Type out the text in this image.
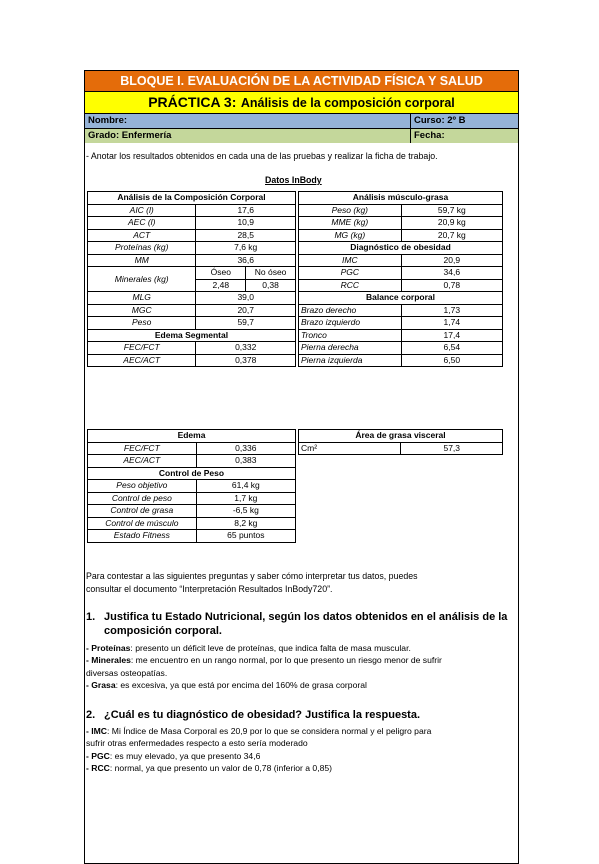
BLOQUE I. EVALUACIÓN DE LA ACTIVIDAD FÍSICA Y SALUD
PRÁCTICA 3: Análisis de la composición corporal
Nombre:	Curso: 2º B
Grado: Enfermería	Fecha:
- Anotar los resultados obtenidos en cada una de las pruebas y realizar la ficha de trabajo.
Datos InBody
Análisis de la Composición Corporal		
AIC (l)	17,6	
AEC (l)	10,9	
ACT	28,5	
Proteínas (kg)	7,6 kg	
MM	36,6	
Minerales (kg)	Óseo	No óseo
	2,48	0,38
MLG	39,0	
MGC	20,7	
Peso	59,7	
Edema Segmental		
FEC/FCT	0,332	
AEC/ACT	0,378	
Análisis músculo-grasa	
Peso (kg)	59,7 kg
MME (kg)	20,9 kg
MG (kg)	20,7 kg
Diagnóstico de obesidad	
IMC	20,9
PGC	34,6
RCC	0,78
Balance corporal	
Brazo derecho	1,73
Brazo izquierdo	1,74
Tronco	17,4
Pierna derecha	6,54
Pierna izquierda	6,50
Edema	
FEC/FCT	0,336
AEC/ACT	0,383
Control de Peso	
Peso objetivo	61,4 kg
Control de peso	1,7 kg
Control de grasa	-6,5 kg
Control de músculo	8,2 kg
Estado Fitness	65 puntos
Área de grasa visceral
Cm²	57,3
Para contestar a las siguientes preguntas y saber cómo interpretar tus datos, puedes
consultar el documento “Interpretación Resultados InBody720”.
1. Justifica tu Estado Nutricional, según los datos obtenidos en el análisis de la
composición corporal.
- Proteínas: presento un déficit leve de proteínas, que indica falta de masa muscular.
- Minerales: me encuentro en un rango normal, por lo que presento un riesgo menor de sufrir
diversas osteopatías.
- Grasa: es excesiva, ya que está por encima del 160% de grasa corporal
2. ¿Cuál es tu diagnóstico de obesidad? Justifica la respuesta.
- IMC: Mi Índice de Masa Corporal es 20,9 por lo que se considera normal y el peligro para
sufrir otras enfermedades respecto a esto sería moderado
- PGC: es muy elevado, ya que presento 34,6
- RCC: normal, ya que presento un valor de 0,78 (inferior a 0,85)
